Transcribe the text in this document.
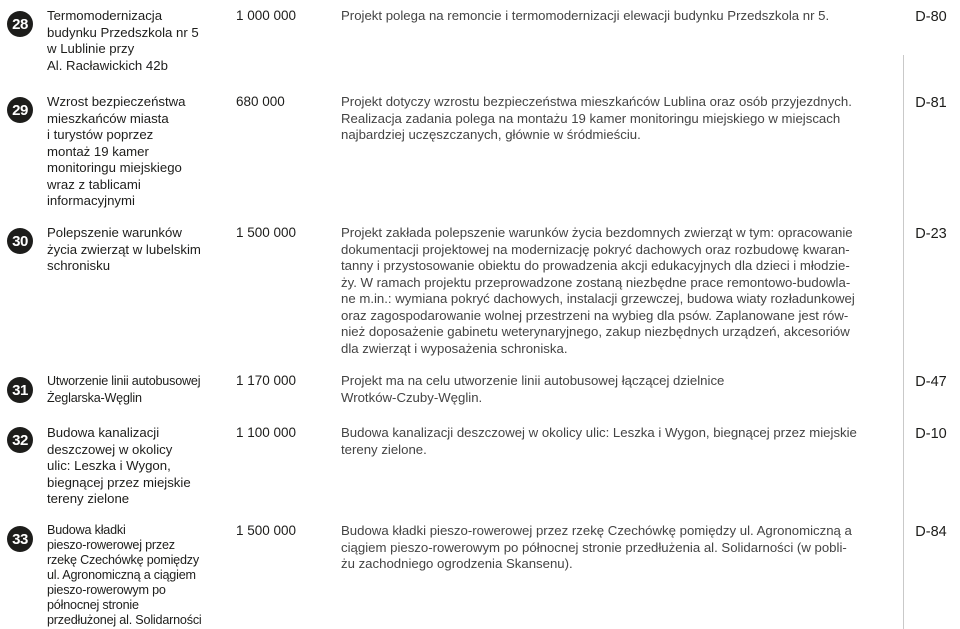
28	Termomodernizacja
budynku Przedszkola nr 5
w Lublinie przy
Al. Racławickich 42b
1 000 000	Projekt polega na remoncie i termomodernizacji elewacji budynku Przedszkola nr 5.	D-80
29	Wzrost bezpieczeństwa
mieszkańców miasta
i turystów poprzez
montaż 19 kamer
monitoringu miejskiego
wraz z tablicami
informacyjnymi
680 000	Projekt dotyczy wzrostu bezpieczeństwa mieszkańców Lublina oraz osób przyjezdnych.
Realizacja zadania polega na montażu 19 kamer monitoringu miejskiego w miejscach
najbardziej uczęszczanych, głównie w śródmieściu.
D-81
30	Polepszenie warunków
życia zwierząt w lubelskim
schronisku
1 500 000	Projekt zakłada polepszenie warunków życia bezdomnych zwierząt w tym: opracowanie
dokumentacji projektowej na modernizację pokryć dachowych oraz rozbudowę kwaran-
tanny i przystosowanie obiektu do prowadzenia akcji edukacyjnych dla dzieci i młodzie-
ży. W ramach projektu przeprowadzone zostaną niezbędne prace remontowo-budowla-
ne m.in.: wymiana pokryć dachowych, instalacji grzewczej, budowa wiaty rozładunkowej
oraz zagospodarowanie wolnej przestrzeni na wybieg dla psów. Zaplanowane jest rów-
nież doposażenie gabinetu weterynaryjnego, zakup niezbędnych urządzeń, akcesoriów
dla zwierząt i wyposażenia schroniska.
D-23
31
Utworzenie linii autobusowej
Żeglarska-Węglin
1 170 000	Projekt ma na celu utworzenie linii autobusowej łączącej dzielnice
Wrotków-Czuby-Węglin.
D-47
32	Budowa kanalizacji
deszczowej w okolicy
ulic: Leszka i Wygon,
biegnącej przez miejskie
tereny zielone
1 100 000	Budowa kanalizacji deszczowej w okolicy ulic: Leszka i Wygon, biegnącej przez miejskie
tereny zielone.
D-10
33
Budowa kładki
pieszo-rowerowej przez
rzekę Czechówkę pomiędzy
ul. Agronomiczną a ciągiem
pieszo-rowerowym po
północnej stronie
przedłużonej al. Solidarności
1 500 000	Budowa kładki pieszo-rowerowej przez rzekę Czechówkę pomiędzy ul. Agronomiczną a
ciągiem pieszo-rowerowym po północnej stronie przedłużenia al. Solidarności (w pobli-
żu zachodniego ogrodzenia Skansenu).
D-84
